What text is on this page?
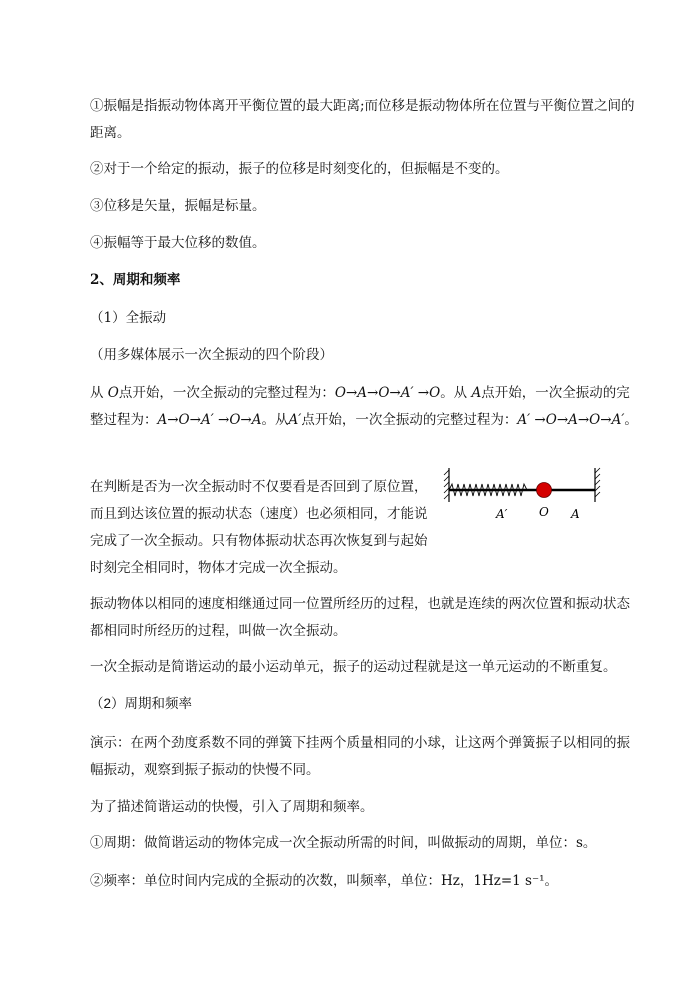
①振幅是指振动物体离开平衡位置的最大距离;而位移是振动物体所在位置与平衡位置之间的距离。

②对于一个给定的振动，振子的位移是时刻变化的，但振幅是不变的。

③位移是矢量，振幅是标量。

④振幅等于最大位移的数值。

2、周期和频率

（1）全振动

（用多媒体展示一次全振动的四个阶段）

从 O点开始，一次全振动的完整过程为：O→A→O→A′ →O。从 A点开始，一次全振动的完整过程为：A→O→A′ →O→A。从A′点开始，一次全振动的完整过程为：A′ →O→A→O→A′。

在判断是否为一次全振动时不仅要看是否回到了原位置，而且到达该位置的振动状态（速度）也必须相同，才能说完成了一次全振动。只有物体振动状态再次恢复到与起始时刻完全相同时，物体才完成一次全振动。

A′	O A

振动物体以相同的速度相继通过同一位置所经历的过程，也就是连续的两次位置和振动状态都相同时所经历的过程，叫做一次全振动。

一次全振动是简谐运动的最小运动单元，振子的运动过程就是这一单元运动的不断重复。

（2）周期和频率

演示：在两个劲度系数不同的弹簧下挂两个质量相同的小球，让这两个弹簧振子以相同的振幅振动，观察到振子振动的快慢不同。

为了描述简谐运动的快慢，引入了周期和频率。

①周期：做简谐运动的物体完成一次全振动所需的时间，叫做振动的周期，单位：s。

②频率：单位时间内完成的全振动的次数，叫频率，单位：Hz，1Hz=1 s⁻¹。
